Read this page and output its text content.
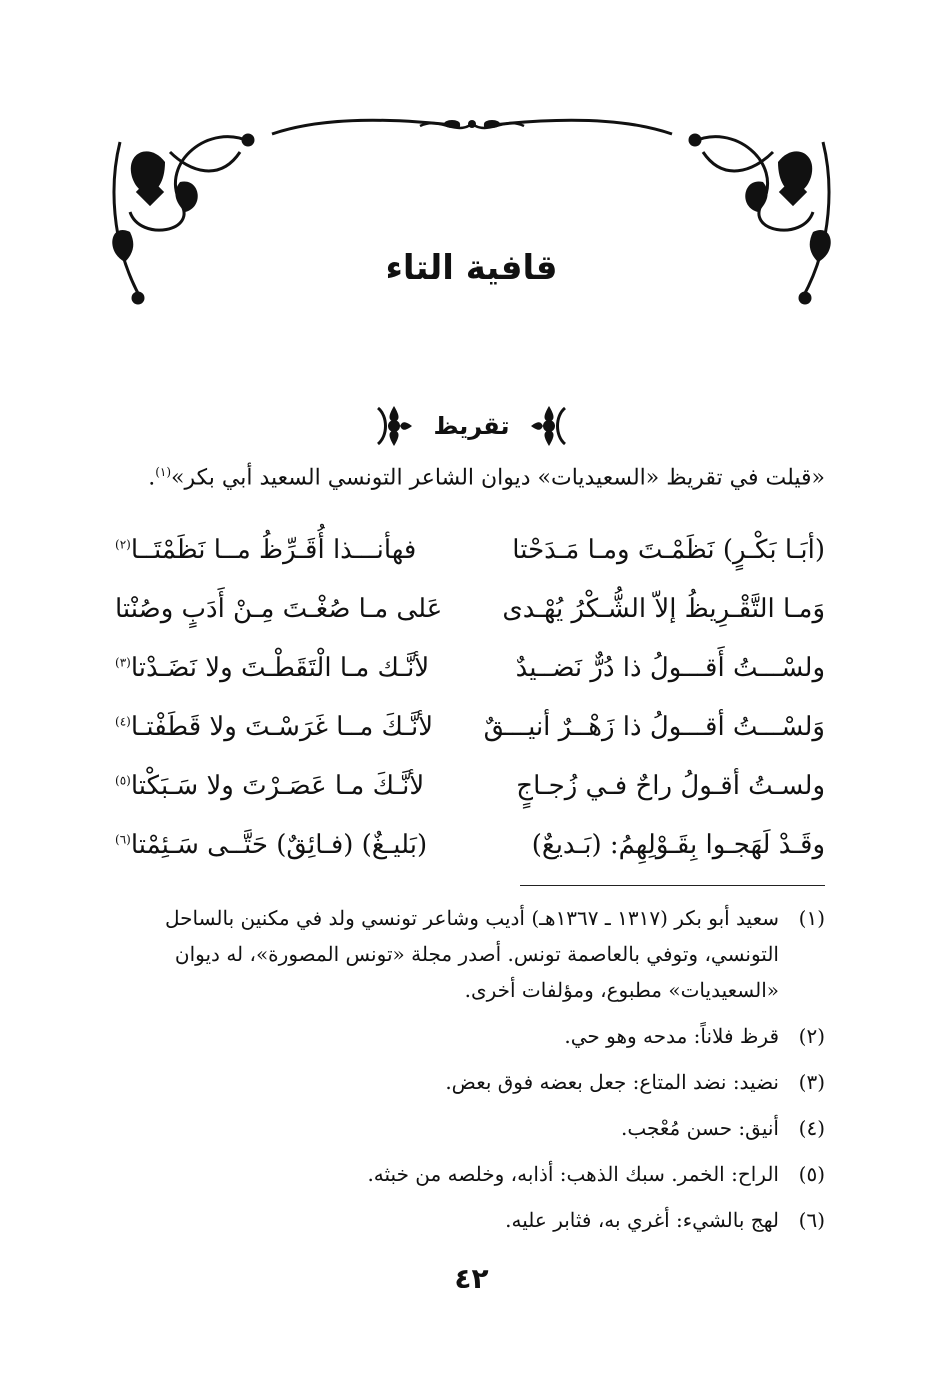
قافية التاء
تقريظ
«قيلت في تقريظ «السعيديات» ديوان الشاعر التونسي السعيد أبي بكر»$^{(١)}$.
(أبَـا بَكْـرٍ) نَظَمْـتَ ومـا مَـدَحْتا
فهأنـــذا أُقَـرِّظُ مــا نَظَمْتَــا$^{(٢)}$
وَمـا التَّقْـرِيظُ إلاّ الشُّـكْرُ يُهْـدى
عَلى مـا صُغْـتَ مِـنْ أَدَبٍ وصُنْتا
ولسْـــتُ أَقـــولُ ذا دُرٌّ نَضــيدٌ
لأنَّـك مـا الْتَقَطْـتَ ولا نَضَـدْتا$^{(٣)}$
وَلسْـــتُ أقـــولُ ذا زَهْــرٌ أنيـــقٌ
لأنَّـكَ مــا غَرَسْـتَ ولا قَطَفْتـا$^{(٤)}$
ولسـتُ أقـولُ راحٌ فـي زُجـاجٍ
لأنَّـكَ مـا عَصَـرْتَ ولا سَـبَكْتا$^{(٥)}$
وقَـدْ لَهَجـوا بِقَـوْلِهِمُ: (بَـديعٌ)
(بَليـغٌ) (فـائِقٌ) حَتَّــى سَـئِمْتا$^{(٦)}$
(١)
سعيد أبو بكر (١٣١٧ ـ ١٣٦٧هـ) أديب وشاعر تونسي ولد في مكنين بالساحل التونسي، وتوفي بالعاصمة تونس. أصدر مجلة «تونس المصورة»، له ديوان «السعيديات» مطبوع، ومؤلفات أخرى.
(٢)
قرظ فلاناً: مدحه وهو حي.
(٣)
نضيد: نضد المتاع: جعل بعضه فوق بعض.
(٤)
أنيق: حسن مُعْجب.
(٥)
الراح: الخمر. سبك الذهب: أذابه، وخلصه من خبثه.
(٦)
لهج بالشيء: أغري به، فثابر عليه.
٤٢
